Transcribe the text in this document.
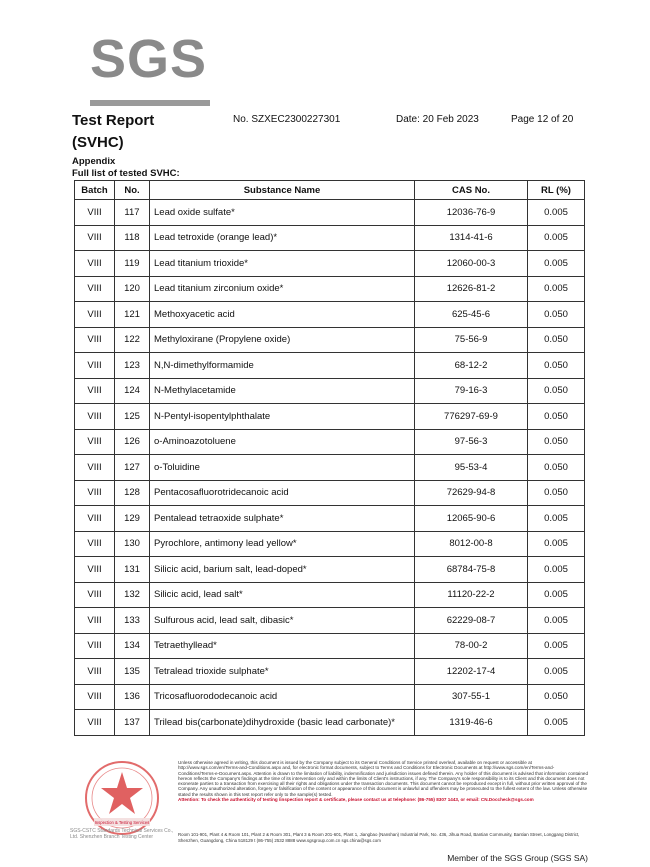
SGS
Test Report
(SVHC)
No. SZXEC2300227301	Date: 20 Feb 2023	Page 12 of 20
Appendix
Full list of tested SVHC:
Batch	No.	Substance Name	CAS No.	RL (%)
VIII	117	Lead oxide sulfate*	12036-76-9	0.005
VIII	118	Lead tetroxide (orange lead)*	1314-41-6	0.005
VIII	119	Lead titanium trioxide*	12060-00-3	0.005
VIII	120	Lead titanium zirconium oxide*	12626-81-2	0.005
VIII	121	Methoxyacetic acid	625-45-6	0.050
VIII	122	Methyloxirane (Propylene oxide)	75-56-9	0.050
VIII	123	N,N-dimethylformamide	68-12-2	0.050
VIII	124	N-Methylacetamide	79-16-3	0.050
VIII	125	N-Pentyl-isopentylphthalate	776297-69-9	0.050
VIII	126	o-Aminoazotoluene	97-56-3	0.050
VIII	127	o-Toluidine	95-53-4	0.050
VIII	128	Pentacosafluorotridecanoic acid	72629-94-8	0.050
VIII	129	Pentalead tetraoxide sulphate*	12065-90-6	0.005
VIII	130	Pyrochlore, antimony lead yellow*	8012-00-8	0.005
VIII	131	Silicic acid, barium salt, lead-doped*	68784-75-8	0.005
VIII	132	Silicic acid, lead salt*	11120-22-2	0.005
VIII	133	Sulfurous acid, lead salt, dibasic*	62229-08-7	0.005
VIII	134	Tetraethyllead*	78-00-2	0.005
VIII	135	Tetralead trioxide sulphate*	12202-17-4	0.005
VIII	136	Tricosafluorododecanoic acid	307-55-1	0.050
VIII	137	Trilead bis(carbonate)dihydroxide (basic lead carbonate)*	1319-46-6	0.005
Inspection & Testing Services
SGS-CSTC Standards Technical Services Co., Ltd. Shenzhen Branch Testing Center
Unless otherwise agreed in writing, this document is issued by the Company subject to its General Conditions of Service printed overleaf, available on request or accessible at http://www.sgs.com/en/Terms-and-Conditions.aspx and, for electronic format documents, subject to Terms and Conditions for Electronic Documents at http://www.sgs.com/en/Terms-and-Conditions/Terms-e-Document.aspx. Attention is drawn to the limitation of liability, indemnification and jurisdiction issues defined therein. Any holder of this document is advised that information contained hereon reflects the Company's findings at the time of its intervention only and within the limits of Client's instructions, if any. The Company's sole responsibility is to its Client and this document does not exonerate parties to a transaction from exercising all their rights and obligations under the transaction documents. This document cannot be reproduced except in full, without prior written approval of the Company. Any unauthorized alteration, forgery or falsification of the content or appearance of this document is unlawful and offenders may be prosecuted to the fullest extent of the law. Unless otherwise stated the results shown in this test report refer only to the sample(s) tested.
Attention: To check the authenticity of testing /inspection report & certificate, please contact us at telephone: (86-755) 8307 1443, or email: CN.Doccheck@sgs.com
Room 101-901, Plant 4 & Room 101, Plant 2 & Room 301, Plant 3 & Room 201-601, Plant 1, Jiangbao (Nanshan) Industrial Park, No. 436, Jihua Road, Bantian Community, Bantian Street, Longgang District, Shenzhen, Guangdong, China 518129 t (86-755) 2532 8888 www.sgsgroup.com.cn sgs.china@sgs.com
Member of the SGS Group (SGS SA)
